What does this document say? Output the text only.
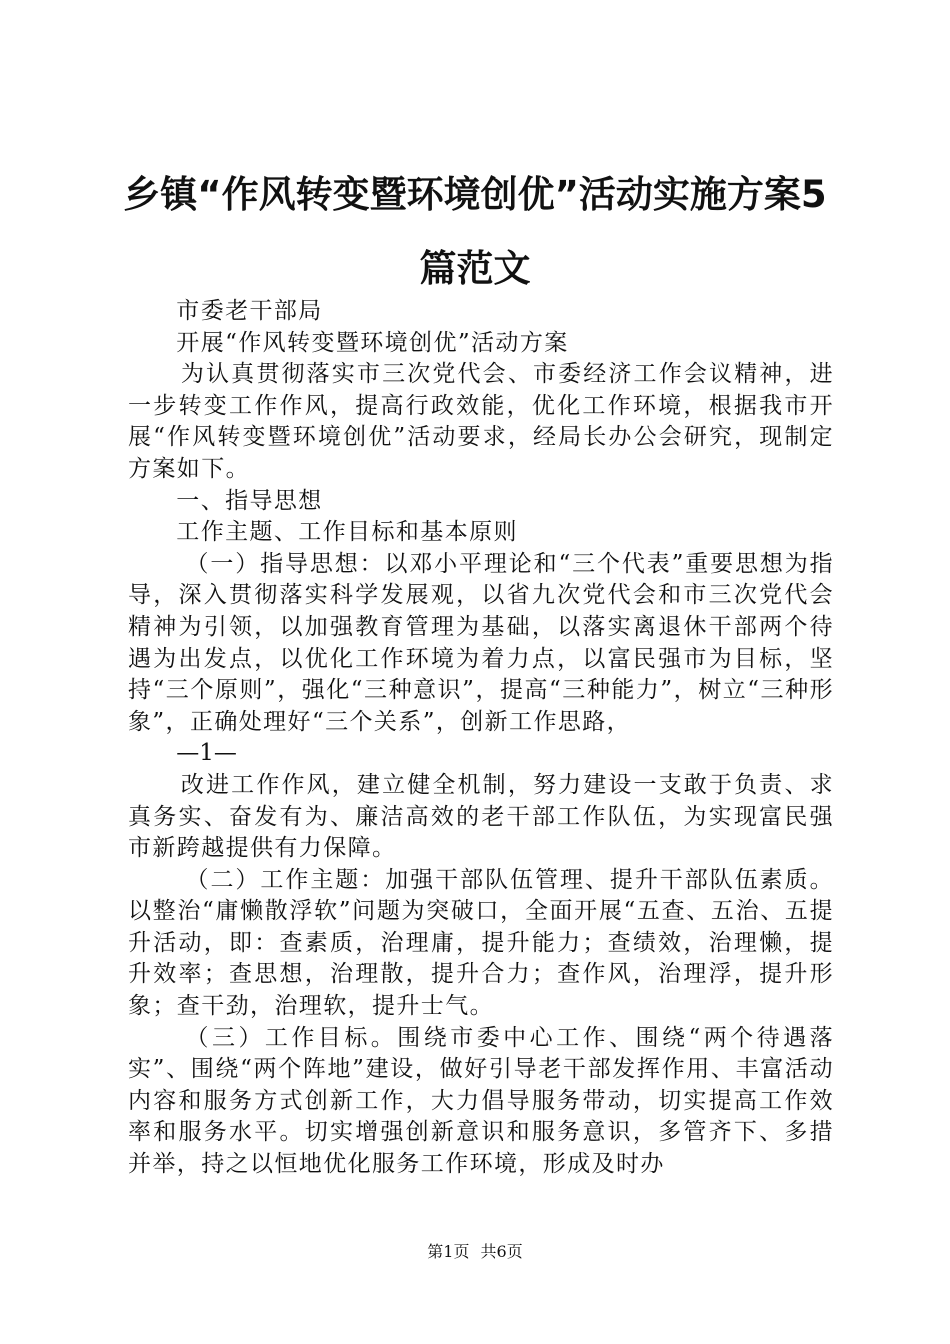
乡镇“作风转变暨环境创优”活动实施方案5篇范文

市委老干部局

开展“作风转变暨环境创优”活动方案

为认真贯彻落实市三次党代会、市委经济工作会议精神，进一步转变工作作风，提高行政效能，优化工作环境，根据我市开展“作风转变暨环境创优”活动要求，经局长办公会研究，现制定方案如下。

一、指导思想

工作主题、工作目标和基本原则

（一）指导思想：以邓小平理论和“三个代表”重要思想为指导，深入贯彻落实科学发展观，以省九次党代会和市三次党代会精神为引领，以加强教育管理为基础，以落实离退休干部两个待遇为出发点，以优化工作环境为着力点，以富民强市为目标，坚持“三个原则”，强化“三种意识”，提高“三种能力”，树立“三种形象”，正确处理好“三个关系”，创新工作思路，

—1—

改进工作作风，建立健全机制，努力建设一支敢于负责、求真务实、奋发有为、廉洁高效的老干部工作队伍，为实现富民强市新跨越提供有力保障。

（二）工作主题：加强干部队伍管理、提升干部队伍素质。以整治“庸懒散浮软”问题为突破口，全面开展“五查、五治、五提升活动，即：查素质，治理庸，提升能力；查绩效，治理懒，提升效率；查思想，治理散，提升合力；查作风，治理浮，提升形象；查干劲，治理软，提升士气。

（三）工作目标。围绕市委中心工作、围绕“两个待遇落实”、围绕“两个阵地”建设，做好引导老干部发挥作用、丰富活动内容和服务方式创新工作，大力倡导服务带动，切实提高工作效率和服务水平。切实增强创新意识和服务意识，多管齐下、多措并举，持之以恒地优化服务工作环境，形成及时办

第1页 共6页
